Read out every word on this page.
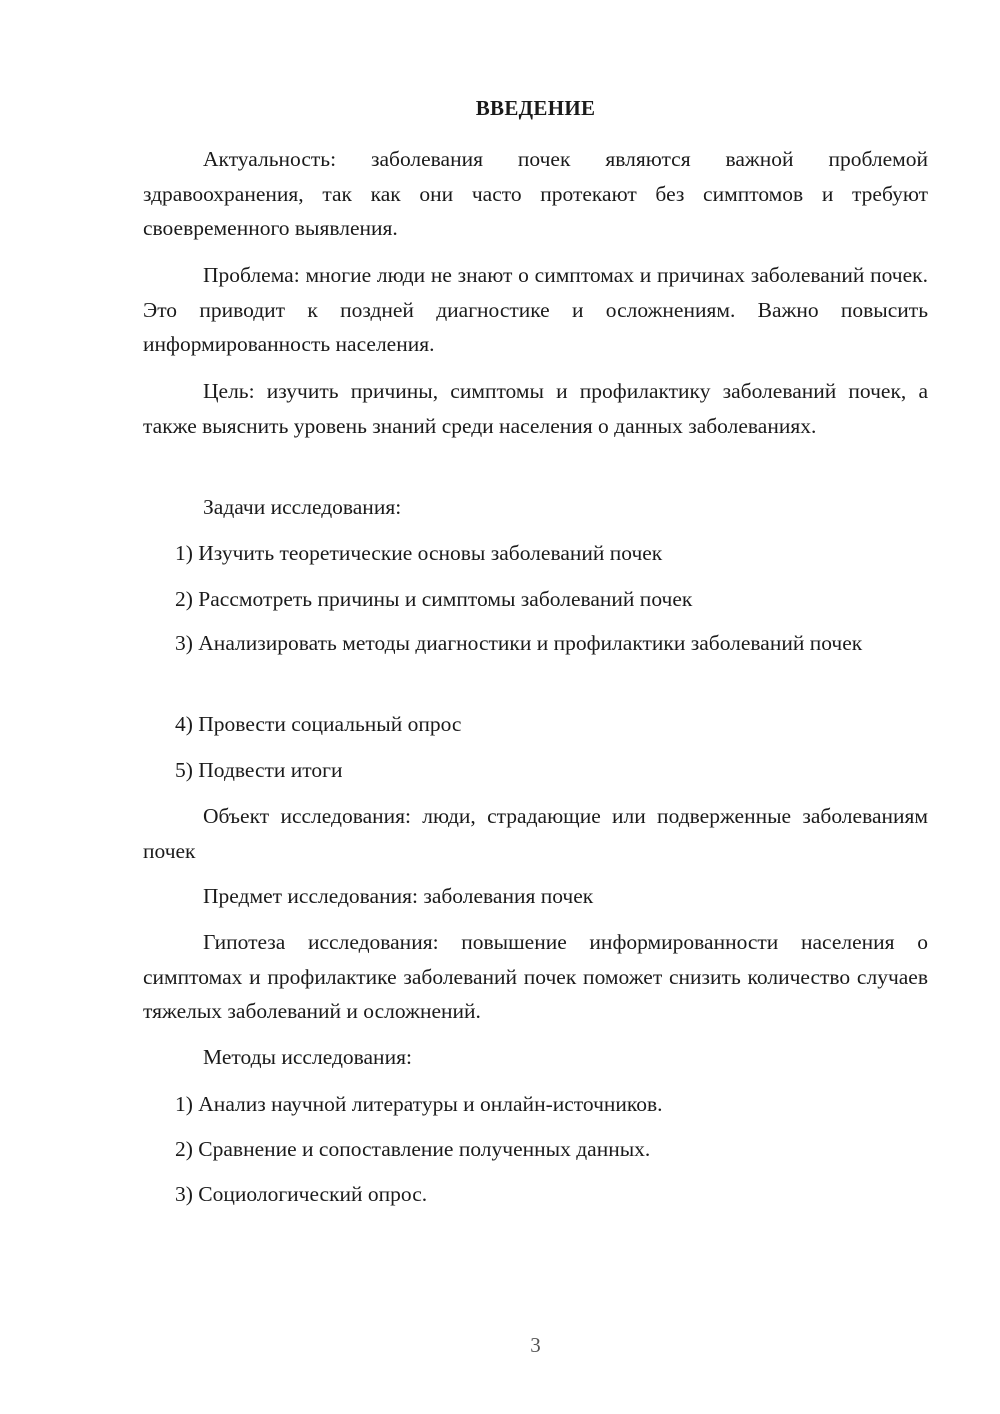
ВВЕДЕНИЕ

Актуальность: заболевания почек являются важной проблемой здравоохранения, так как они часто протекают без симптомов и требуют своевременного выявления.

Проблема: многие люди не знают о симптомах и причинах заболеваний почек. Это приводит к поздней диагностике и осложнениям. Важно повысить информированность населения.

Цель: изучить причины, симптомы и профилактику заболеваний почек, а также выяснить уровень знаний среди населения о данных заболеваниях.

Задачи исследования:

1) Изучить теоретические основы заболеваний почек

2) Рассмотреть причины и симптомы заболеваний почек

3) Анализировать методы диагностики и профилактики заболеваний почек

4) Провести социальный опрос

5) Подвести итоги

Объект исследования: люди, страдающие или подверженные заболеваниям почек

Предмет исследования: заболевания почек

Гипотеза исследования: повышение информированности населения о симптомах и профилактике заболеваний почек поможет снизить количество случаев тяжелых заболеваний и осложнений.

Методы исследования:

1) Анализ научной литературы и онлайн-источников.

2) Сравнение и сопоставление полученных данных.

3) Социологический опрос.

3
